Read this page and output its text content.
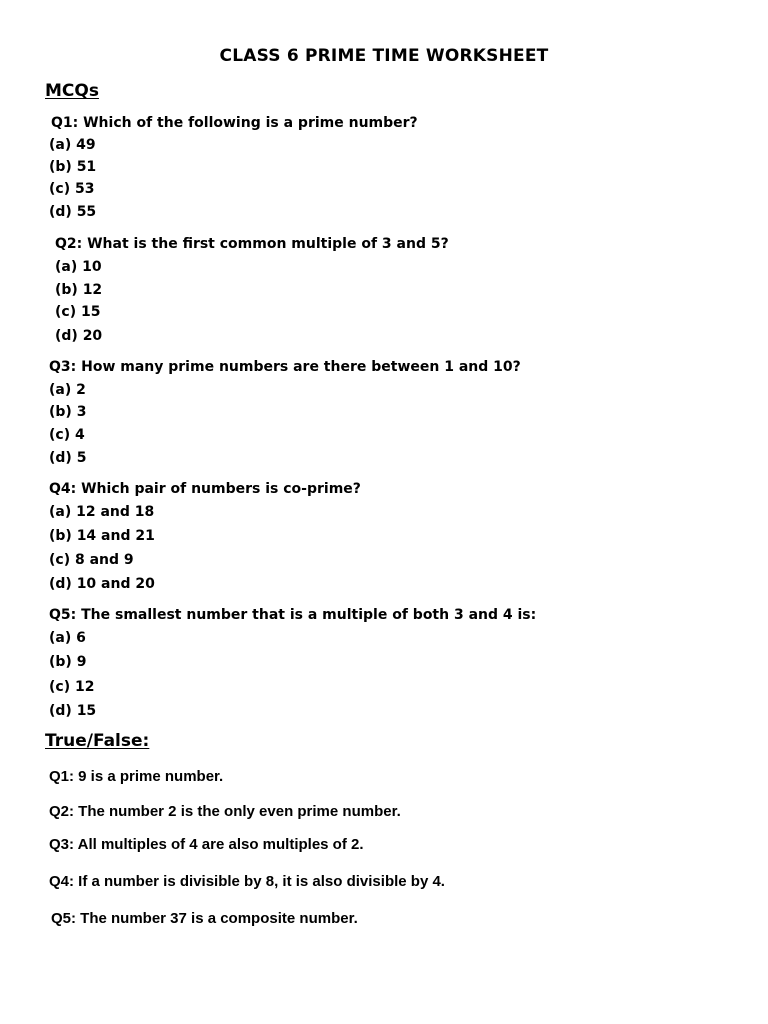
CLASS 6 PRIME TIME WORKSHEET
MCQs
Q1: Which of the following is a prime number?
(a) 49
(b) 51
(c) 53
(d) 55
Q2: What is the first common multiple of 3 and 5?
(a) 10
(b) 12
(c) 15
(d) 20
Q3: How many prime numbers are there between 1 and 10?
(a) 2
(b) 3
(c) 4
(d) 5
Q4: Which pair of numbers is co-prime?
(a) 12 and 18
(b) 14 and 21
(c) 8 and 9
(d) 10 and 20
Q5: The smallest number that is a multiple of both 3 and 4 is:
(a) 6
(b) 9
(c) 12
(d) 15
True/False:
Q1: 9 is a prime number.
Q2: The number 2 is the only even prime number.
Q3: All multiples of 4 are also multiples of 2.
Q4: If a number is divisible by 8, it is also divisible by 4.
Q5: The number 37 is a composite number.
